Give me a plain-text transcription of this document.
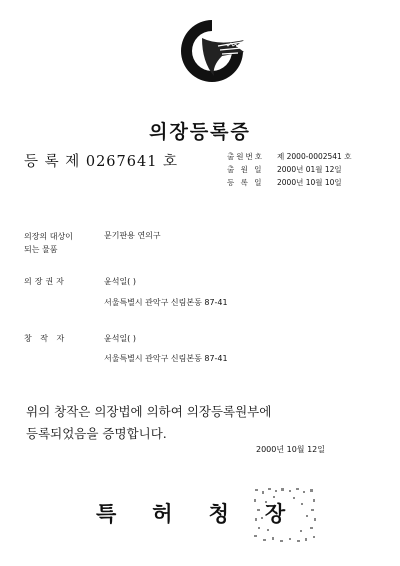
의장등록증
등 록 제 0267641 호	출원번호 제 2000-0002541 호
출 원 일 2000년 01월 12일
등 록 일 2000년 10월 10일
의장의 대상이
되는 물품
문기판용 연의구
의장권자	윤석일( )
서울특별시 관악구 신림본동 87-41
창 작 자	윤석일( )
서울특별시 관악구 신림본동 87-41
위의 창작은 의장법에 의하여 의장등록원부에
등록되었음을 증명합니다.
2000년 10월 12일
특허청장
